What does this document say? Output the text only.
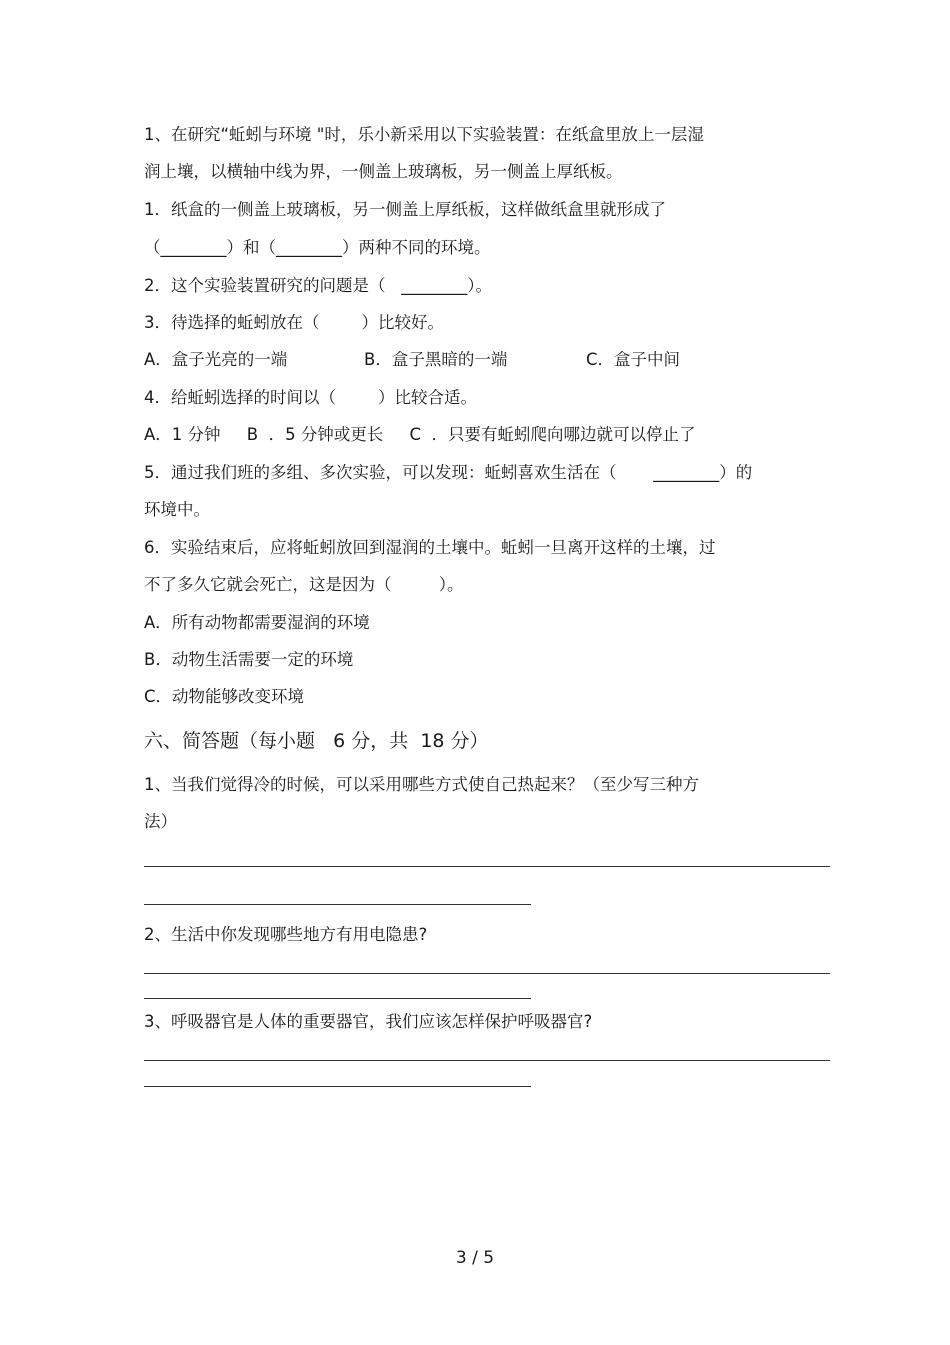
1、在研究“蚯蚓与环境 "时，乐小新采用以下实验装置：在纸盒里放上一层湿
润上壤，以横轴中线为界，一侧盖上玻璃板，另一侧盖上厚纸板。
1．纸盒的一侧盖上玻璃板，另一侧盖上厚纸板，这样做纸盒里就形成了
（________）和（________）两种不同的环境。
2．这个实验装置研究的问题是（   ________）。
3．待选择的蚯蚓放在（        ）比较好。
A．盒子光亮的一端	B．盒子黑暗的一端	C．盒子中间
4．给蚯蚓选择的时间以（        ）比较合适。
A．1 分钟     B  ．5 分钟或更长     C  ．只要有蚯蚓爬向哪边就可以停止了
5．通过我们班的多组、多次实验，可以发现：蚯蚓喜欢生活在（       ________）的
环境中。
6．实验结束后，应将蚯蚓放回到湿润的土壤中。蚯蚓一旦离开这样的土壤，过
不了多久它就会死亡，这是因为（         ）。
A．所有动物都需要湿润的环境
B．动物生活需要一定的环境
C．动物能够改变环境
六、简答题（每小题   6 分，共  18 分）
1、当我们觉得冷的时候，可以采用哪些方式使自己热起来？（至少写三种方
法）
2、生活中你发现哪些地方有用电隐患?
3、呼吸器官是人体的重要器官，我们应该怎样保护呼吸器官?
3 / 5
